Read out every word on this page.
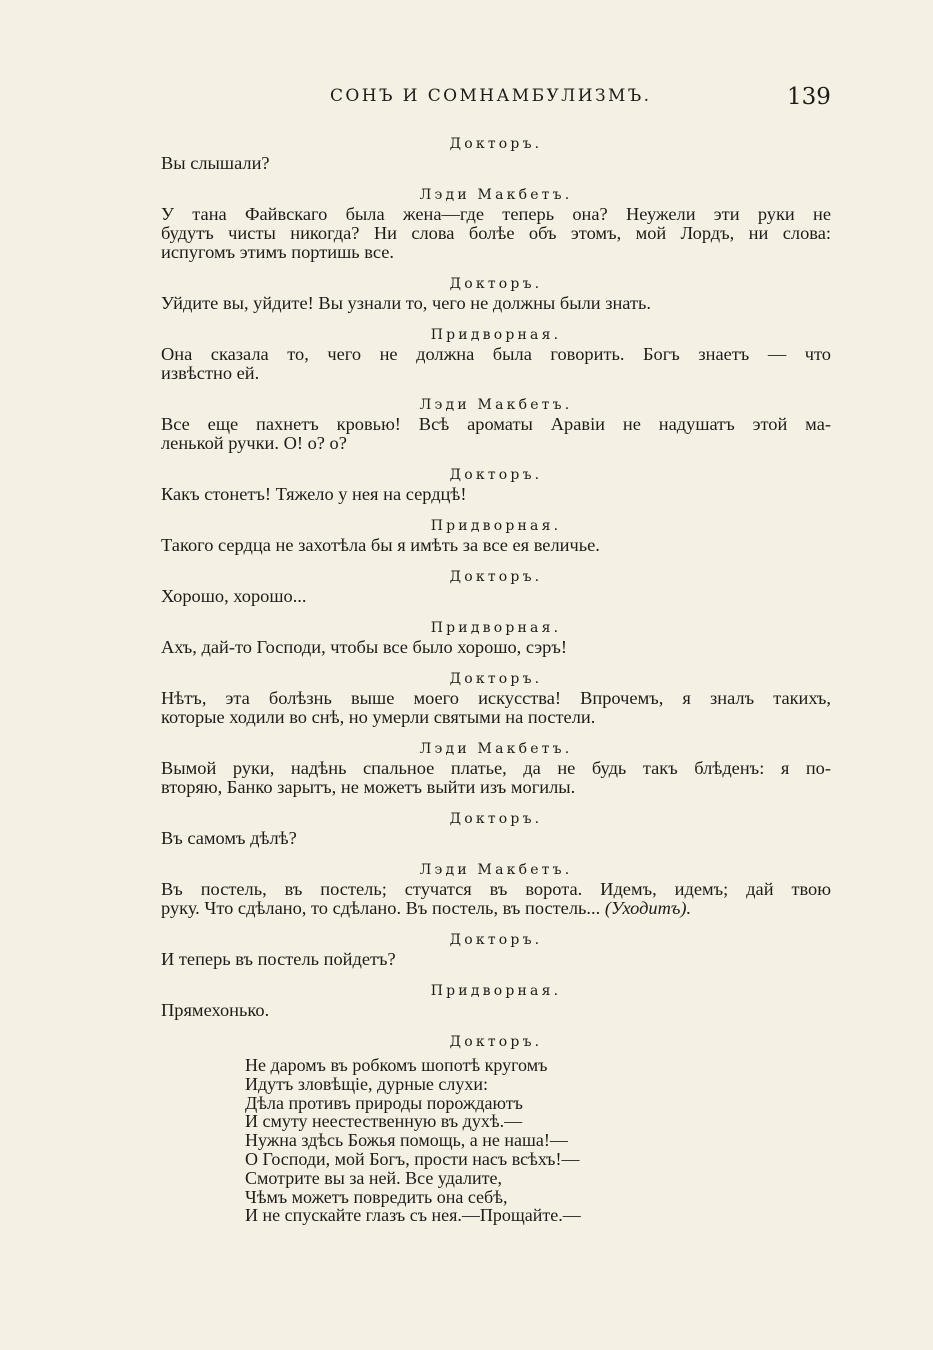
СОНЪ И СОМНАМБУЛИЗМЪ.	139
Докторъ.
Вы слышали?
Лэди Макбетъ.
У тана Файвскаго была жена—где теперь она? Неужели эти руки не
будутъ чисты никогда? Ни слова болѣе объ этомъ, мой Лордъ, ни слова:
испугомъ этимъ портишь все.
Докторъ.
Уйдите вы, уйдите! Вы узнали то, чего не должны были знать.
Придворная.
Она сказала то, чего не должна была говорить. Богъ знаетъ — что
извѣстно ей.
Лэди Макбетъ.
Все еще пахнетъ кровью! Всѣ ароматы Аравіи не надушатъ этой ма-
ленькой ручки. О! о? о?
Докторъ.
Какъ стонетъ! Тяжело у нея на сердцѣ!
Придворная.
Такого сердца не захотѣла бы я имѣть за все ея величье.
Докторъ.
Хорошо, хорошо...
Придворная.
Ахъ, дай-то Господи, чтобы все было хорошо, сэръ!
Докторъ.
Нѣтъ, эта болѣзнь выше моего искусства! Впрочемъ, я зналъ такихъ,
которые ходили во снѣ, но умерли святыми на постели.
Лэди Макбетъ.
Вымой руки, надѣнь спальное платье, да не будь такъ блѣденъ: я по-
вторяю, Банко зарытъ, не можетъ выйти изъ могилы.
Докторъ.
Въ самомъ дѣлѣ?
Лэди Макбетъ.
Въ постель, въ постель; стучатся въ ворота. Идемъ, идемъ; дай твою
руку. Что сдѣлано, то сдѣлано. Въ постель, въ постель... (Уходитъ).
Докторъ.
И теперь въ постель пойдетъ?
Придворная.
Прямехонько.
Докторъ.
Не даромъ въ робкомъ шопотѣ кругомъ
Идутъ зловѣщіе, дурные слухи:
Дѣла противъ природы порождаютъ
И смуту неестественную въ духѣ.—
Нужна здѣсь Божья помощь, а не наша!—
О Господи, мой Богъ, прости насъ всѣхъ!—
Смотрите вы за ней. Все удалите,
Чѣмъ можетъ повредить она себѣ,
И не спускайте глазъ съ нея.—Прощайте.—
